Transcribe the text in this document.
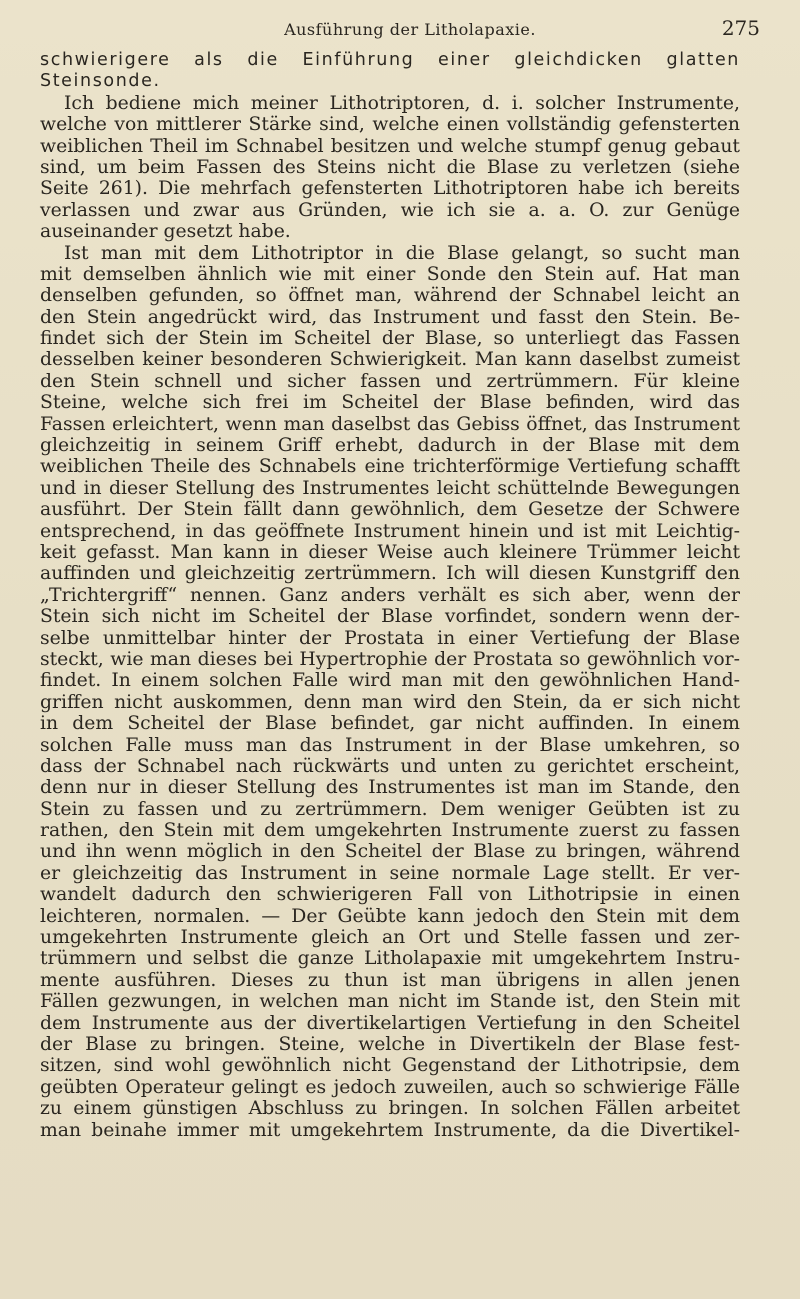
Ausführung der Litholapaxie.	275
schwierigere als die Einführung einer gleichdicken glatten
Steinsonde.
Ich bediene mich meiner Lithotriptoren, d. i. solcher Instrumente,
welche von mittlerer Stärke sind, welche einen vollständig gefensterten
weiblichen Theil im Schnabel besitzen und welche stumpf genug gebaut
sind, um beim Fassen des Steins nicht die Blase zu verletzen (siehe
Seite 261). Die mehrfach gefensterten Lithotriptoren habe ich bereits
verlassen und zwar aus Gründen, wie ich sie a. a. O. zur Genüge
auseinander gesetzt habe.
Ist man mit dem Lithotriptor in die Blase gelangt, so sucht man
mit demselben ähnlich wie mit einer Sonde den Stein auf. Hat man
denselben gefunden, so öffnet man, während der Schnabel leicht an
den Stein angedrückt wird, das Instrument und fasst den Stein. Be-
findet sich der Stein im Scheitel der Blase, so unterliegt das Fassen
desselben keiner besonderen Schwierigkeit. Man kann daselbst zumeist
den Stein schnell und sicher fassen und zertrümmern. Für kleine
Steine, welche sich frei im Scheitel der Blase befinden, wird das
Fassen erleichtert, wenn man daselbst das Gebiss öffnet, das Instrument
gleichzeitig in seinem Griff erhebt, dadurch in der Blase mit dem
weiblichen Theile des Schnabels eine trichterförmige Vertiefung schafft
und in dieser Stellung des Instrumentes leicht schüttelnde Bewegungen
ausführt. Der Stein fällt dann gewöhnlich, dem Gesetze der Schwere
entsprechend, in das geöffnete Instrument hinein und ist mit Leichtig-
keit gefasst. Man kann in dieser Weise auch kleinere Trümmer leicht
auffinden und gleichzeitig zertrümmern. Ich will diesen Kunstgriff den
„Trichtergriff“ nennen. Ganz anders verhält es sich aber, wenn der
Stein sich nicht im Scheitel der Blase vorfindet, sondern wenn der-
selbe unmittelbar hinter der Prostata in einer Vertiefung der Blase
steckt, wie man dieses bei Hypertrophie der Prostata so gewöhnlich vor-
findet. In einem solchen Falle wird man mit den gewöhnlichen Hand-
griffen nicht auskommen, denn man wird den Stein, da er sich nicht
in dem Scheitel der Blase befindet, gar nicht auffinden. In einem
solchen Falle muss man das Instrument in der Blase umkehren, so
dass der Schnabel nach rückwärts und unten zu gerichtet erscheint,
denn nur in dieser Stellung des Instrumentes ist man im Stande, den
Stein zu fassen und zu zertrümmern. Dem weniger Geübten ist zu
rathen, den Stein mit dem umgekehrten Instrumente zuerst zu fassen
und ihn wenn möglich in den Scheitel der Blase zu bringen, während
er gleichzeitig das Instrument in seine normale Lage stellt. Er ver-
wandelt dadurch den schwierigeren Fall von Lithotripsie in einen
leichteren, normalen. — Der Geübte kann jedoch den Stein mit dem
umgekehrten Instrumente gleich an Ort und Stelle fassen und zer-
trümmern und selbst die ganze Litholapaxie mit umgekehrtem Instru-
mente ausführen. Dieses zu thun ist man übrigens in allen jenen
Fällen gezwungen, in welchen man nicht im Stande ist, den Stein mit
dem Instrumente aus der divertikelartigen Vertiefung in den Scheitel
der Blase zu bringen. Steine, welche in Divertikeln der Blase fest-
sitzen, sind wohl gewöhnlich nicht Gegenstand der Lithotripsie, dem
geübten Operateur gelingt es jedoch zuweilen, auch so schwierige Fälle
zu einem günstigen Abschluss zu bringen. In solchen Fällen arbeitet
man beinahe immer mit umgekehrtem Instrumente, da die Divertikel-
